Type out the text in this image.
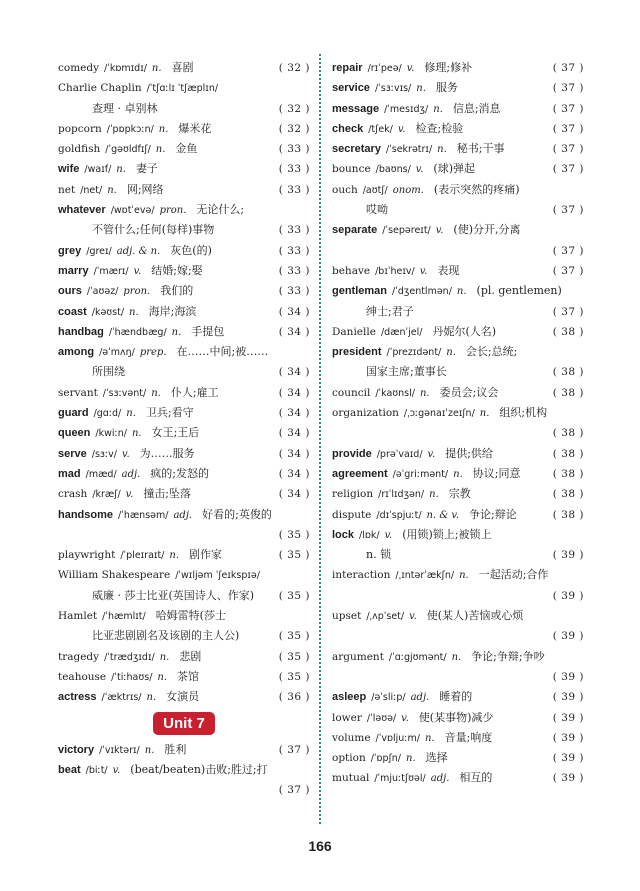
comedy /ˈkɒmɪdɪ/ n. 喜剧	( 32 )
Charlie Chaplin /ˈtʃɑːlɪ ˈtʃæplɪn/
查理 · 卓别林	( 32 )
popcorn /ˈpɒpkɔːn/ n. 爆米花	( 32 )
goldfish /ˈgəʊldfɪʃ/ n. 金鱼	( 33 )
wife /waɪf/ n. 妻子	( 33 )
net /net/ n. 网;网络	( 33 )
whatever /wɒtˈevə/ pron. 无论什么;
不管什么;任何(每样)事物	( 33 )
grey /greɪ/ adj. & n. 灰色(的)	( 33 )
marry /ˈmærɪ/ v. 结婚;嫁;娶	( 33 )
ours /ˈaʊəz/ pron. 我们的	( 33 )
coast /kəʊst/ n. 海岸;海滨	( 34 )
handbag /ˈhændbæg/ n. 手提包	( 34 )
among /əˈmʌŋ/ prep. 在……中间;被……
所围绕	( 34 )
servant /ˈsɜːvənt/ n. 仆人;雇工	( 34 )
guard /gɑːd/ n. 卫兵;看守	( 34 )
queen /kwiːn/ n. 女王;王后	( 34 )
serve /sɜːv/ v. 为……服务	( 34 )
mad /mæd/ adj. 疯的;发怒的	( 34 )
crash /kræʃ/ v. 撞击;坠落	( 34 )
handsome /ˈhænsəm/ adj. 好看的;英俊的
( 35 )
playwright /ˈpleɪraɪt/ n. 剧作家	( 35 )
William Shakespeare /ˈwɪljəm ˈʃeɪkspɪə/
威廉 · 莎士比亚(英国诗人、作家) ( 35 )
Hamlet /ˈhæmlɪt/ 哈姆雷特(莎士
比亚悲剧剧名及该剧的主人公)	( 35 )
tragedy /ˈtrædʒɪdɪ/ n. 悲剧	( 35 )
teahouse /ˈtiːhaʊs/ n. 茶馆	( 35 )
actress /ˈæktrɪs/ n. 女演员	( 36 )
Unit 7
victory /ˈvɪktərɪ/ n. 胜利	( 37 )
beat /biːt/ v. (beat/beaten)击败;胜过;打
( 37 )
repair /rɪˈpeə/ v. 修理;修补	( 37 )
service /ˈsɜːvɪs/ n. 服务	( 37 )
message /ˈmesɪdʒ/ n. 信息;消息	( 37 )
check /tʃek/ v. 检查;检验	( 37 )
secretary /ˈsekrətrɪ/ n. 秘书;干事	( 37 )
bounce /baʊns/ v. (球)弹起	( 37 )
ouch /aʊtʃ/ onom. (表示突然的疼痛)
哎呦	( 37 )
separate /ˈsepəreɪt/ v. (使)分开,分离
( 37 )
behave /bɪˈheɪv/ v. 表现	( 37 )
gentleman /ˈdʒentlmən/ n. (pl. gentlemen)
绅士;君子	( 37 )
Danielle /dænˈjel/ 丹妮尔(人名)	( 38 )
president /ˈprezɪdənt/ n. 会长;总统;
国家主席;董事长	( 38 )
council /ˈkaʊnsl/ n. 委员会;议会	( 38 )
organization /ˌɔːgənaɪˈzeɪʃn/ n. 组织;机构
( 38 )
provide /prəˈvaɪd/ v. 提供;供给	( 38 )
agreement /əˈgriːmənt/ n. 协议;同意	( 38 )
religion /rɪˈlɪdʒən/ n. 宗教	( 38 )
dispute /dɪˈspjuːt/ n. & v. 争论;辩论	( 38 )
lock /lɒk/ v. (用锁)锁上;被锁上
n. 锁	( 39 )
interaction /ˌɪntərˈækʃn/ n. 一起活动;合作
( 39 )
upset /ˌʌpˈset/ v. 使(某人)苦恼或心烦
( 39 )
argument /ˈɑːgjʊmənt/ n. 争论;争辩;争吵
( 39 )
asleep /əˈsliːp/ adj. 睡着的	( 39 )
lower /ˈləʊə/ v. 使(某事物)减少	( 39 )
volume /ˈvɒljuːm/ n. 音量;响度	( 39 )
option /ˈɒpʃn/ n. 选择	( 39 )
mutual /ˈmjuːtʃʊəl/ adj. 相互的	( 39 )
166
